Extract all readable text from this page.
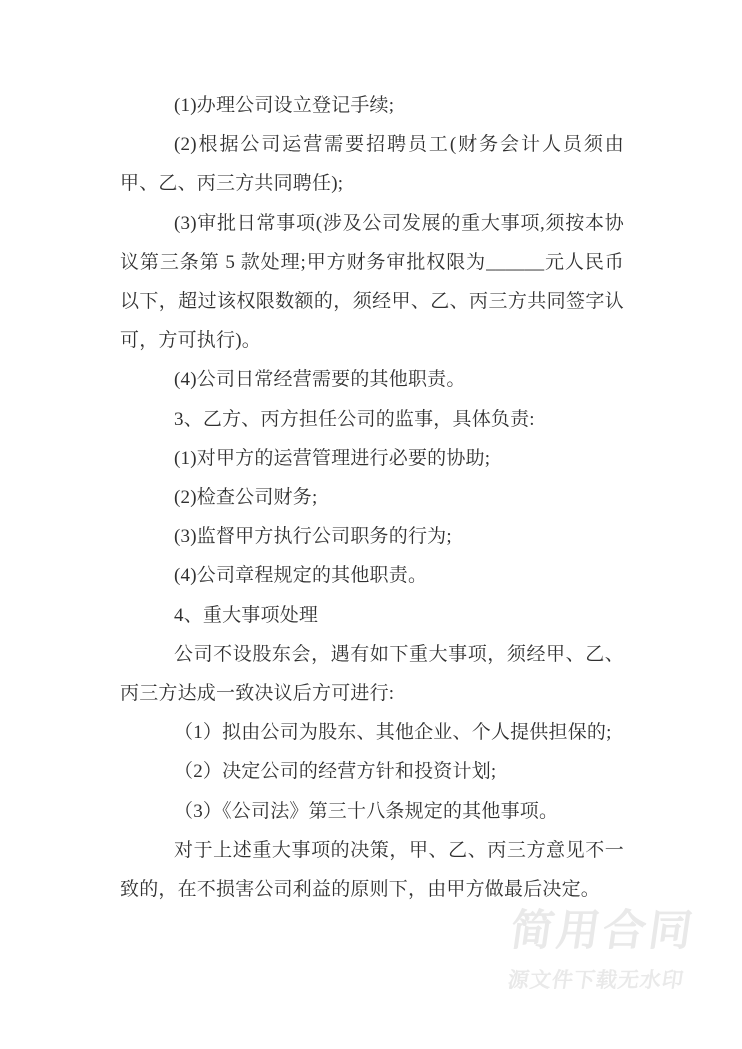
(1)办理公司设立登记手续;

(2)根据公司运营需要招聘员工(财务会计人员须由甲、乙、丙三方共同聘任);

(3)审批日常事项(涉及公司发展的重大事项,须按本协议第三条第 5 款处理;甲方财务审批权限为______元人民币以下，超过该权限数额的，须经甲、乙、丙三方共同签字认可，方可执行)。

(4)公司日常经营需要的其他职责。

3、乙方、丙方担任公司的监事，具体负责:

(1)对甲方的运营管理进行必要的协助;

(2)检查公司财务;

(3)监督甲方执行公司职务的行为;

(4)公司章程规定的其他职责。

4、重大事项处理

公司不设股东会，遇有如下重大事项，须经甲、乙、丙三方达成一致决议后方可进行:

（1）拟由公司为股东、其他企业、个人提供担保的;

（2）决定公司的经营方针和投资计划;

（3）《公司法》第三十八条规定的其他事项。

对于上述重大事项的决策，甲、乙、丙三方意见不一致的，在不损害公司利益的原则下，由甲方做最后决定。

简用合同
源文件下载无水印
